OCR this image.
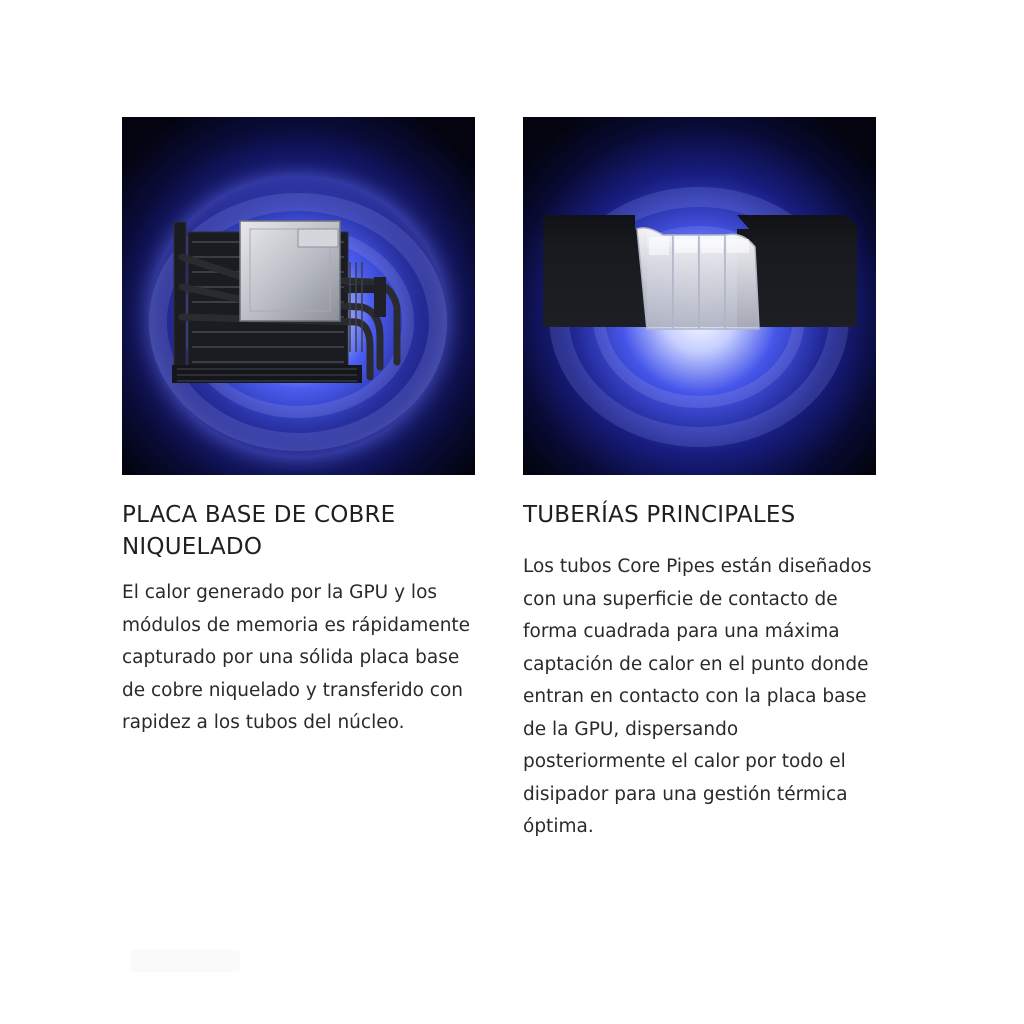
PLACA BASE DE COBRE NIQUELADO

El calor generado por la GPU y los módulos de memoria es rápidamente capturado por una sólida placa base de cobre niquelado y transferido con rapidez a los tubos del núcleo.

TUBERÍAS PRINCIPALES

Los tubos Core Pipes están diseñados con una superficie de contacto de forma cuadrada para una máxima captación de calor en el punto donde entran en contacto con la placa base de la GPU, dispersando posteriormente el calor por todo el disipador para una gestión térmica óptima.
